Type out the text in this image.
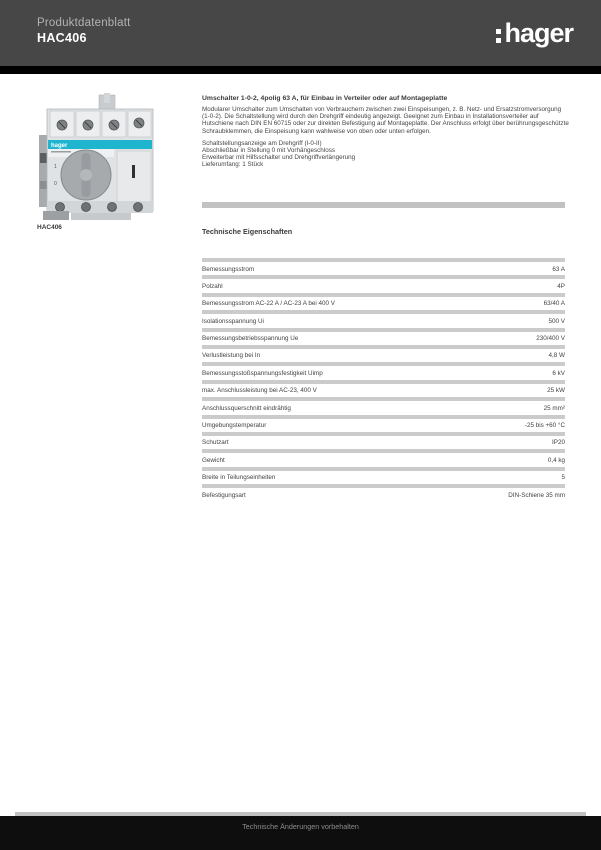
Produktdatenblatt
HAC406	hager
hager
1
0
HAC406
Umschalter 1-0-2, 4polig 63 A, für Einbau in Verteiler oder auf Montageplatte
Modularer Umschalter zum Umschalten von Verbrauchern zwischen zwei Einspeisungen, z. B. Netz- und Ersatzstromversorgung (1-0-2). Die Schaltstellung wird durch den Drehgriff eindeutig angezeigt. Geeignet zum Einbau in Installationsverteiler auf Hutschiene nach DIN EN 60715 oder zur direkten Befestigung auf Montageplatte. Der Anschluss erfolgt über berührungsgeschützte Schraubklemmen, die Einspeisung kann wahlweise von oben oder unten erfolgen.
Schaltstellungsanzeige am Drehgriff (I-0-II)
Abschließbar in Stellung 0 mit Vorhängeschloss
Erweiterbar mit Hilfsschalter und Drehgriffverlängerung
Lieferumfang: 1 Stück
Technische Eigenschaften
Bemessungsstrom	63 A
Polzahl	4P
Bemessungsstrom AC-22 A / AC-23 A bei 400 V	63/40 A
Isolationsspannung Ui	500 V
Bemessungsbetriebsspannung Ue	230/400 V
Verlustleistung bei In	4,8 W
Bemessungsstoßspannungsfestigkeit Uimp	6 kV
max. Anschlussleistung bei AC-23, 400 V	25 kW
Anschlussquerschnitt eindrähtig	25 mm²
Umgebungstemperatur	-25 bis +60 °C
Schutzart	IP20
Gewicht	0,4 kg
Breite in Teilungseinheiten	5
Befestigungsart	DIN-Schiene 35 mm
Technische Änderungen vorbehalten
